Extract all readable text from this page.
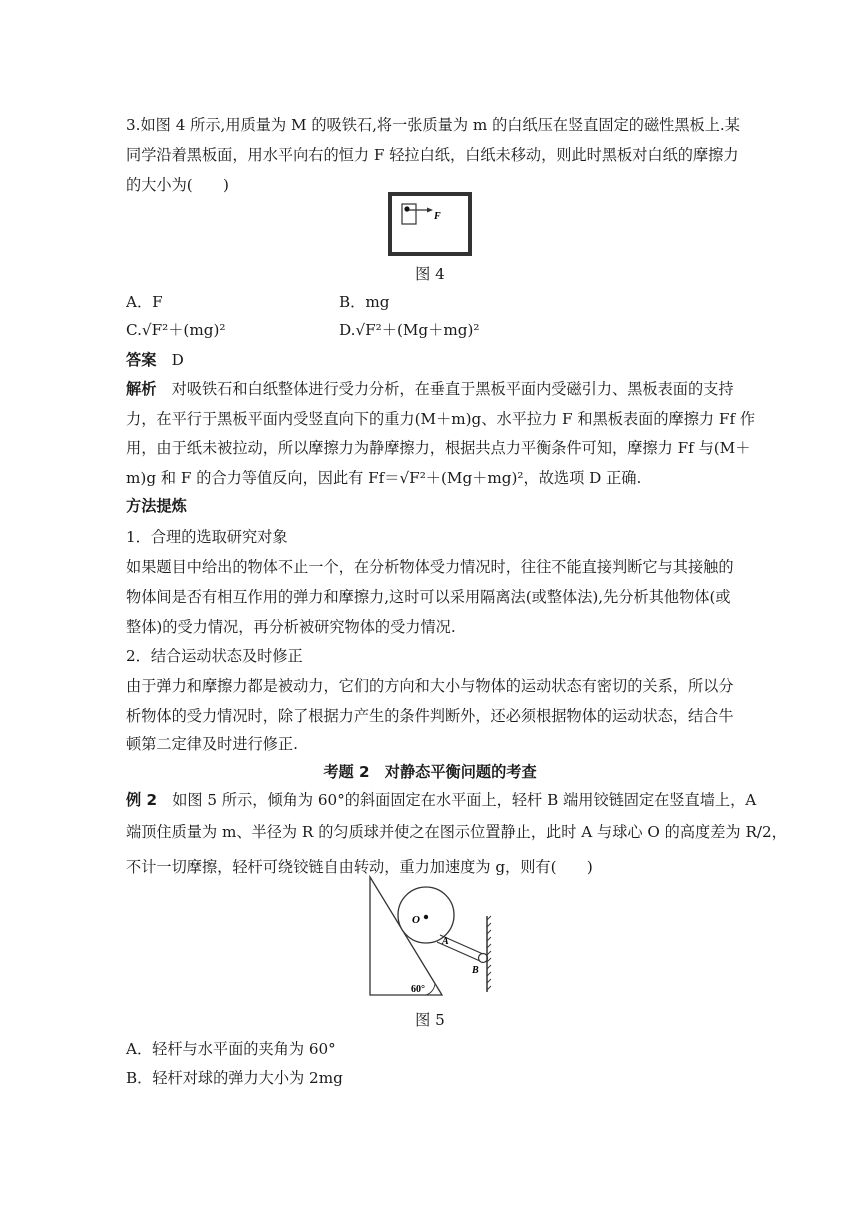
3.如图 4 所示,用质量为 M 的吸铁石,将一张质量为 m 的白纸压在竖直固定的磁性黑板上.某
同学沿着黑板面，用水平向右的恒力 F 轻拉白纸，白纸未移动，则此时黑板对白纸的摩擦力
的大小为(　　)
F
图 4
A．F	B．mg
C.√F²＋(mg)²	D.√F²＋(Mg＋mg)²
答案　 D
解析　 对吸铁石和白纸整体进行受力分析，在垂直于黑板平面内受磁引力、黑板表面的支持
力，在平行于黑板平面内受竖直向下的重力(M＋m)g、水平拉力 F 和黑板表面的摩擦力 Ff 作
用，由于纸未被拉动，所以摩擦力为静摩擦力，根据共点力平衡条件可知，摩擦力 Ff 与(M＋
m)g 和 F 的合力等值反向，因此有 Ff＝√F²＋(Mg＋mg)²，故选项 D 正确.
方法提炼
1．合理的选取研究对象
如果题目中给出的物体不止一个，在分析物体受力情况时，往往不能直接判断它与其接触的
物体间是否有相互作用的弹力和摩擦力,这时可以采用隔离法(或整体法),先分析其他物体(或
整体)的受力情况，再分析被研究物体的受力情况.
2．结合运动状态及时修正
由于弹力和摩擦力都是被动力，它们的方向和大小与物体的运动状态有密切的关系，所以分
析物体的受力情况时，除了根据力产生的条件判断外，还必须根据物体的运动状态，结合牛
顿第二定律及时进行修正.
考题 2　对静态平衡问题的考查
例 2　 如图 5 所示，倾角为 60°的斜面固定在水平面上，轻杆 B 端用铰链固定在竖直墙上，A
端顶住质量为 m、半径为 R 的匀质球并使之在图示位置静止，此时 A 与球心 O 的高度差为 R/2，
不计一切摩擦，轻杆可绕铰链自由转动，重力加速度为 g，则有(　　)
O
A
B
60°
图 5
A．轻杆与水平面的夹角为 60°
B．轻杆对球的弹力大小为 2mg
